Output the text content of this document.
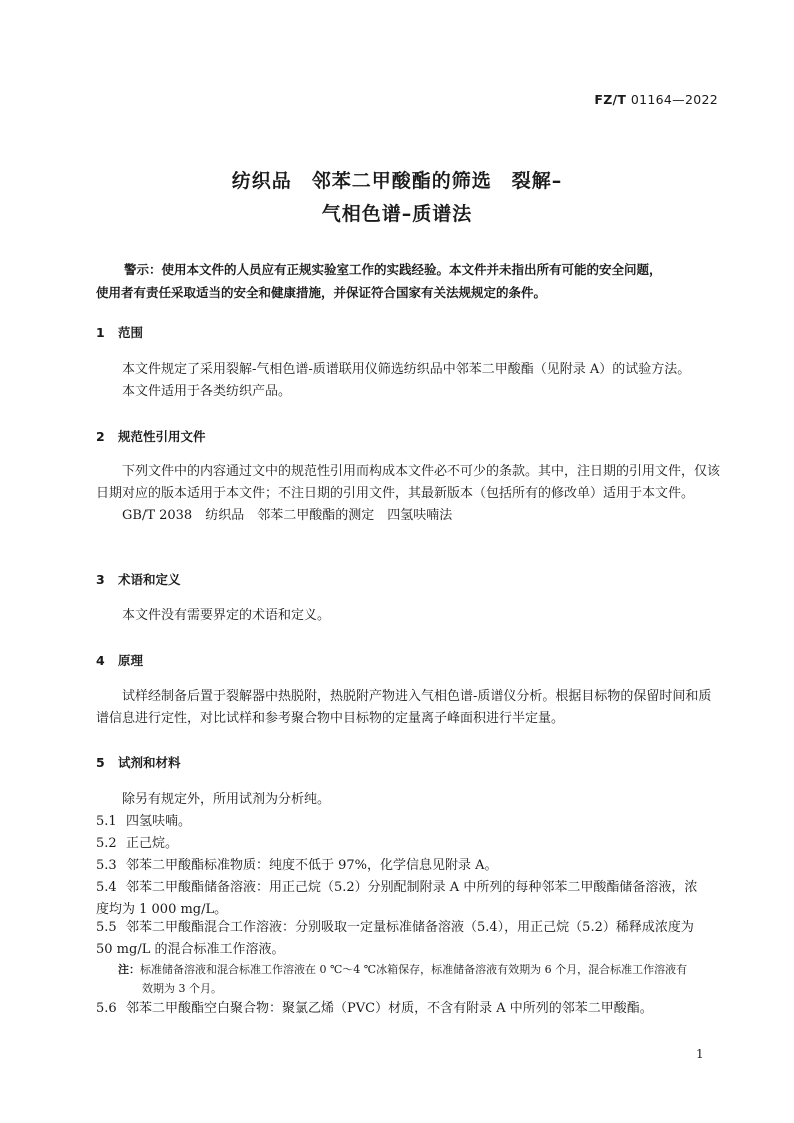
FZ/T 01164—2022
纺织品　邻苯二甲酸酯的筛选　裂解–
气相色谱–质谱法

警示：使用本文件的人员应有正规实验室工作的实践经验。本文件并未指出所有可能的安全问题，

使用者有责任采取适当的安全和健康措施，并保证符合国家有关法规规定的条件。

1 范围

本文件规定了采用裂解-气相色谱-质谱联用仪筛选纺织品中邻苯二甲酸酯（见附录 A）的试验方法。

本文件适用于各类纺织产品。

2 规范性引用文件

下列文件中的内容通过文中的规范性引用而构成本文件必不可少的条款。其中，注日期的引用文件，仅该日期对应的版本适用于本文件；不注日期的引用文件，其最新版本（包括所有的修改单）适用于本文件。

GB/T 2038　纺织品　邻苯二甲酸酯的测定　四氢呋喃法

3 术语和定义

本文件没有需要界定的术语和定义。

4 原理

试样经制备后置于裂解器中热脱附，热脱附产物进入气相色谱-质谱仪分析。根据目标物的保留时间和质谱信息进行定性，对比试样和参考聚合物中目标物的定量离子峰面积进行半定量。

5 试剂和材料

除另有规定外，所用试剂为分析纯。

5.1 四氢呋喃。

5.2 正己烷。

5.3 邻苯二甲酸酯标准物质：纯度不低于 97%，化学信息见附录 A。

5.4 邻苯二甲酸酯储备溶液：用正己烷（5.2）分别配制附录 A 中所列的每种邻苯二甲酸酯储备溶液，浓

度均为 1 000 mg/L。

5.5 邻苯二甲酸酯混合工作溶液：分别吸取一定量标准储备溶液（5.4），用正己烷（5.2）稀释成浓度为

50 mg/L 的混合标准工作溶液。

注：标准储备溶液和混合标准工作溶液在 0 ℃～4 ℃冰箱保存，标准储备溶液有效期为 6 个月，混合标准工作溶液有

效期为 3 个月。

5.6 邻苯二甲酸酯空白聚合物：聚氯乙烯（PVC）材质，不含有附录 A 中所列的邻苯二甲酸酯。

1
